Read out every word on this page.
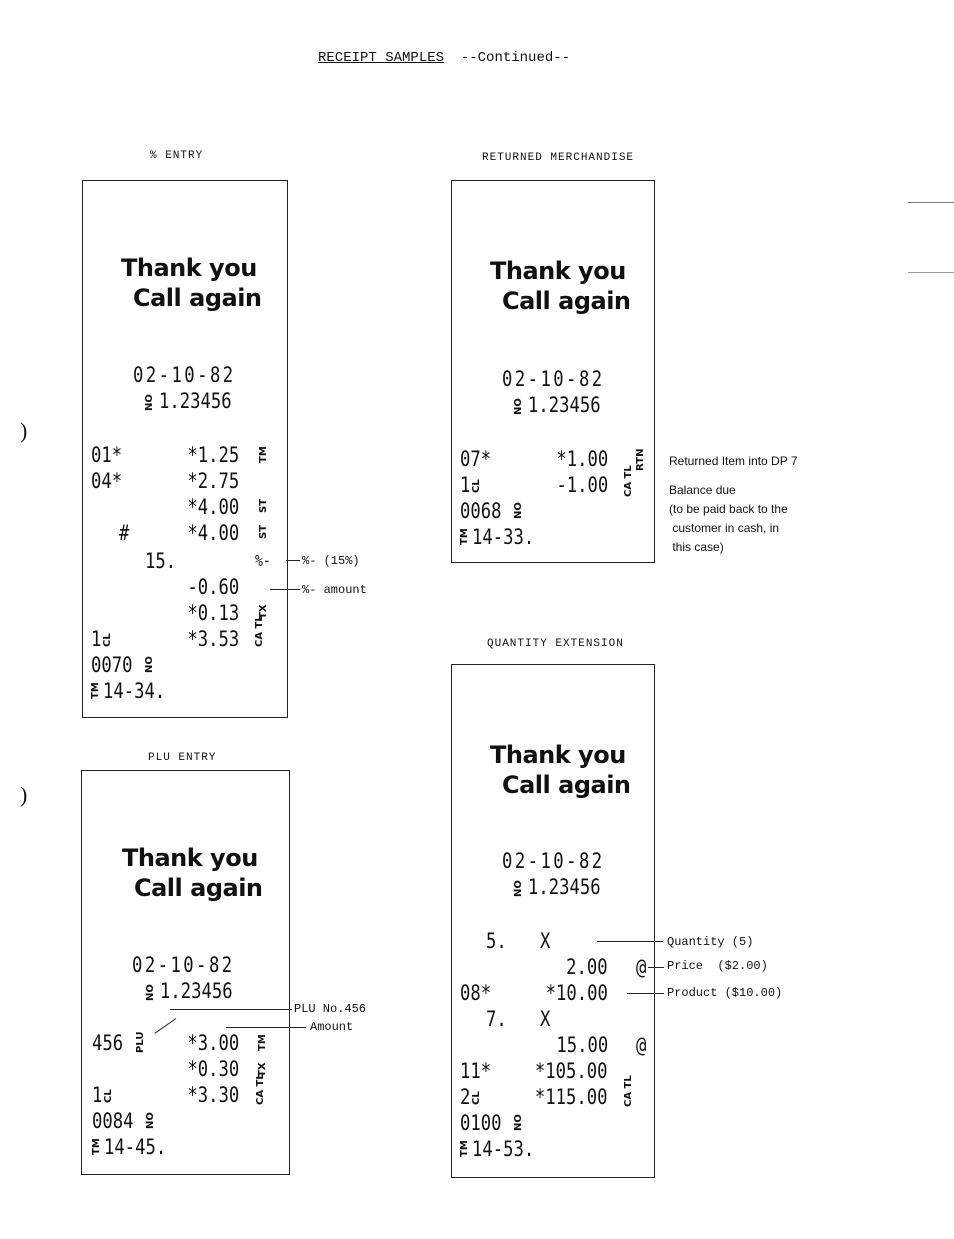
RECEIPT SAMPLES  --Continued--
)
)
% ENTRY
Thank you
Call again
02-10-82
NO 1.23456
01*	*1.25 TM
04*	*2.75
*4.00 ST
#	*4.00 ST
15.	%-
-0.60
*0.13 TX
1 CL	*3.53 CA TL
0070 NO
TM 14-34.
%- (15%)
%- amount
RETURNED MERCHANDISE
Thank you
Call again
02-10-82
NO 1.23456
07*	*1.00	RTN
1 CL	-1.00 CA TL
0068 NO
TM 14-33.
Returned Item into DP 7
Balance due
(to be paid back to the
customer in cash, in
this case)
PLU ENTRY
Thank you
Call again
02-10-82
NO 1.23456
456 PLU *3.00 TM
*0.30 TX
1 CL	*3.30 CA TL
0084 NO
TM 14-45.
PLU No.456
Amount
QUANTITY EXTENSION
Thank you
Call again
02-10-82
NO 1.23456
5. X
2.00 @
08*	*10.00
7. X
15.00 @
11* *105.00
2 CL	*115.00 CA TL
0100 NO
TM 14-53.
Quantity (5)
Price  ($2.00)
Product ($10.00)
